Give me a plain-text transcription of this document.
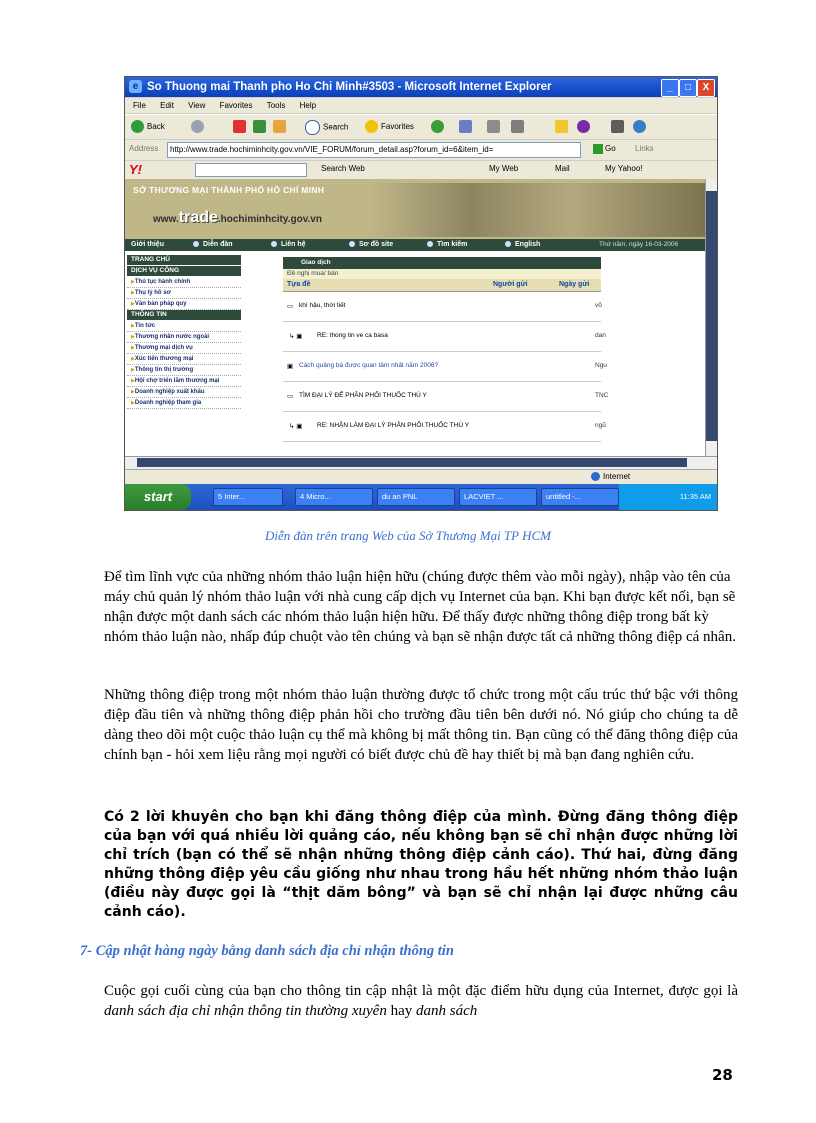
e So Thuong mai Thanh pho Ho Chi Minh#3503 - Microsoft Internet Explorer	_	□	X
File Edit View Favorites Tools Help
Back	Search	Favorites
Address	http://www.trade.hochiminhcity.gov.vn/VIE_FORUM/forum_detail.asp?forum_id=6&item_id=	Go Links
Y!	Search Web	My Web	Mail	My Yahoo!
SỞ THƯƠNG MẠI THÀNH PHỐ HỒ CHÍ MINH
www.trade.hochiminhcity.gov.vn
Giới thiệu	Diễn đàn	Liên hệ	Sơ đồ site	Tìm kiếm	English	Thứ năm, ngày 16-03-2006
TRANG CHỦ
DỊCH VỤ CÔNG
▶ Thủ tục hành chính
▶ Thụ lý hồ sơ
▶ Văn bản pháp quy
THÔNG TIN
▶ Tin tức
▶ Thương nhân nước ngoài
▶ Thương mại dịch vụ
▶ Xúc tiến thương mại
▶ Thông tin thị trường
▶ Hội chợ triển lãm thương mại
▶ Doanh nghiệp xuất khẩu
▶ Doanh nghiệp tham gia
Giao dịch
Đề nghị mua/ bán
Tựa đề	Người gửi	Ngày gửi
▭ khí hậu, thời tiết	võ
↳ ▣ RE: thong tin ve ca basa	dan
▣ Cách quảng bá được quan tâm nhất năm 2006?	Ngu
▭ TÌM ĐẠI LÝ ĐỂ PHÂN PHỐI THUỐC THÚ Y	TNC
↳ ▣ RE: NHẬN LÀM ĐẠI LÝ PHÂN PHỐI THUỐC THÚ Y	ngũ
Internet
start	5 Inter...	4 Micro...	du an PNL	LACVIET ...	untitled -...	11:35 AM
Diễn đàn trên trang Web của Sở Thương Mại TP HCM

Để tìm lĩnh vực của những nhóm thảo luận hiện hữu (chúng được thêm vào mỗi ngày), nhập vào tên của máy chủ quản lý nhóm thảo luận với nhà cung cấp dịch vụ Internet của bạn. Khi bạn được kết nối, bạn sẽ nhận được một danh sách các nhóm thảo luận hiện hữu. Để thấy được những thông điệp trong bất kỳ nhóm thảo luận nào, nhấp đúp chuột vào tên chúng và bạn sẽ nhận được tất cả những thông điệp cá nhân.

Những thông điệp trong một nhóm thảo luận thường được tổ chức trong một cấu trúc thứ bậc với thông điệp đầu tiên và những thông điệp phản hồi cho trường đầu tiên bên dưới nó. Nó giúp cho chúng ta dễ dàng theo dõi một cuộc thảo luận cụ thể mà không bị mất thông tin. Bạn cũng có thể đăng thông điệp của chính bạn - hỏi xem liệu rằng mọi người có biết được chủ đề hay thiết bị mà bạn đang nghiên cứu.

Có 2 lời khuyên cho bạn khi đăng thông điệp của mình. Đừng đăng thông điệp của bạn với quá nhiều lời quảng cáo, nếu không bạn sẽ chỉ nhận được những lời chỉ trích (bạn có thể sẽ nhận những thông điệp cảnh cáo). Thứ hai, đừng đăng những thông điệp yêu cầu giống như nhau trong hầu hết những nhóm thảo luận (điều này được gọi là “thịt dăm bông” và bạn sẽ chỉ nhận lại được những câu cảnh cáo).

7- Cập nhật hàng ngày bằng danh sách địa chỉ nhận thông tin

Cuộc gọi cuối cùng của bạn cho thông tin cập nhật là một đặc điểm hữu dụng của Internet, được gọi là danh sách địa chỉ nhận thông tin thường xuyên hay danh sách

28
